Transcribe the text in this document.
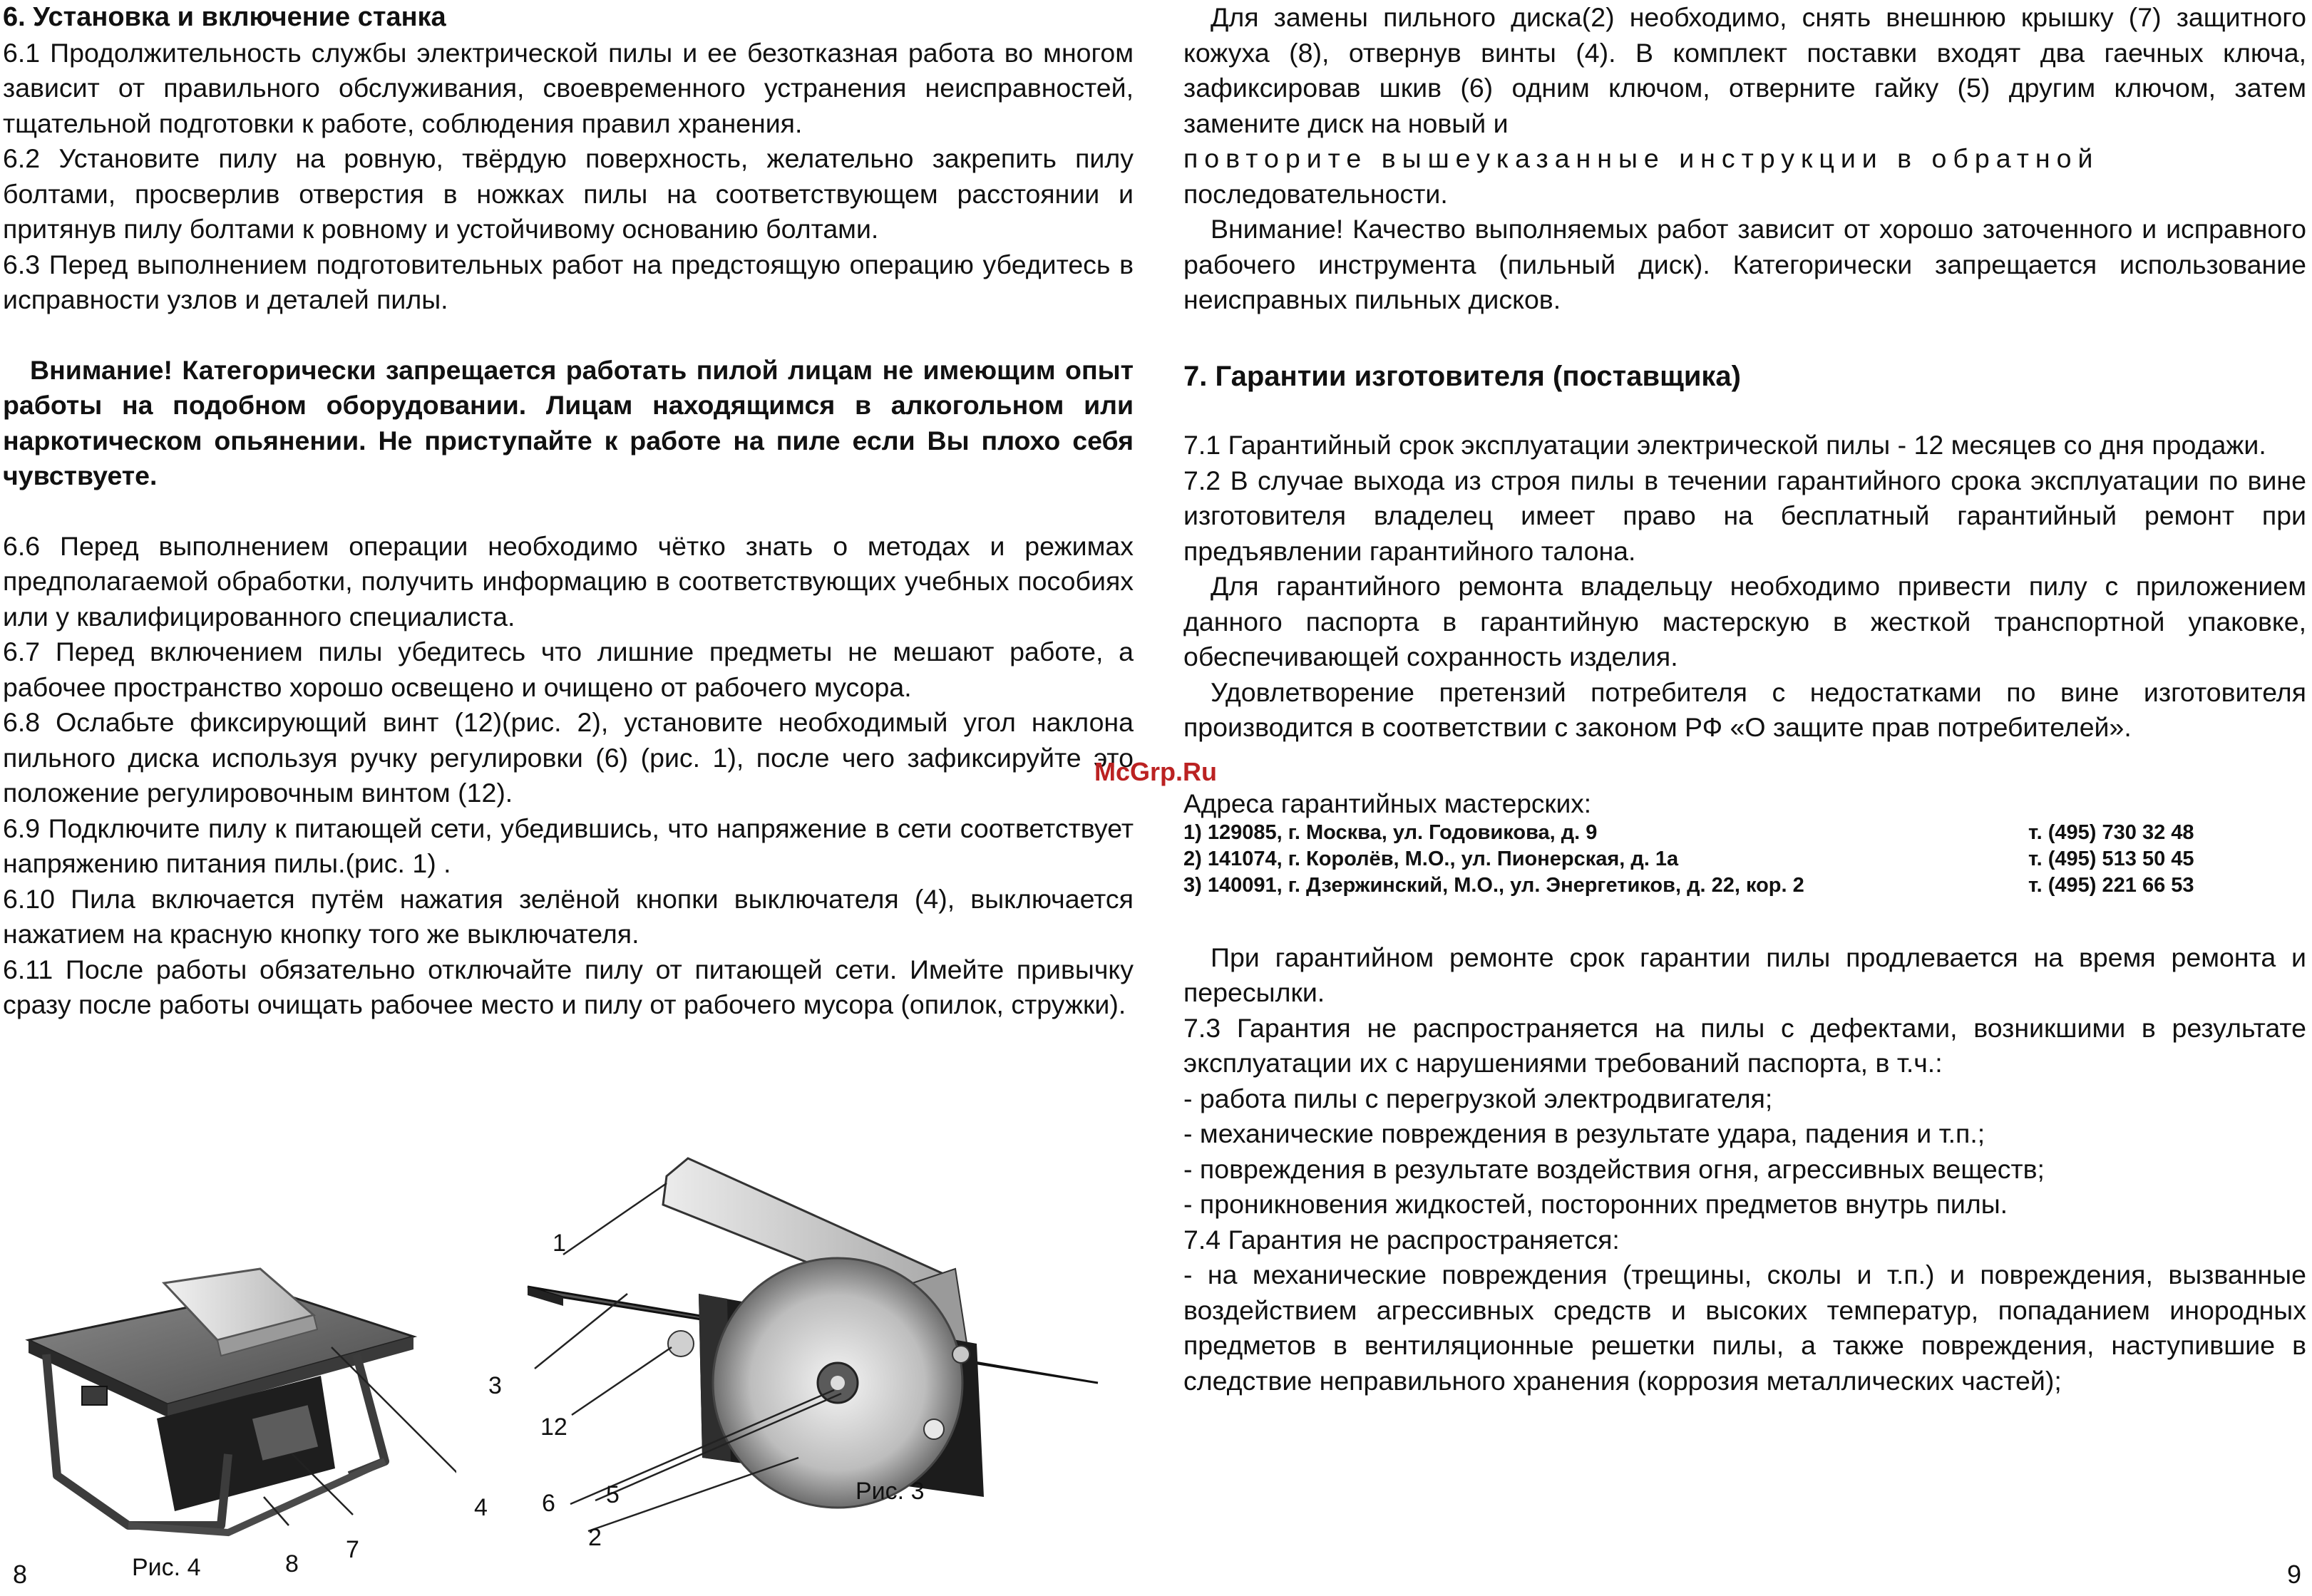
6. Установка и включение станка

6.1 Продолжительность службы электрической пилы и ее безотказная работа во многом зависит от правильного обслуживания, своевременного устранения неисправностей, тщательной подготовки к работе, соблюдения правил хранения.

6.2 Установите пилу на ровную, твёрдую поверхность, желательно закрепить пилу болтами, просверлив отверстия в ножках пилы на соответствующем расстоянии и притянув пилу болтами к ровному и устойчивому основанию болтами.

6.3 Перед выполнением подготовительных работ на предстоящую операцию убедитесь в исправности узлов и деталей пилы.

Внимание! Категорически запрещается работать пилой лицам не имеющим опыт работы на подобном оборудовании. Лицам находящимся в алкогольном или наркотическом опьянении. Не приступайте к работе на пиле если Вы плохо себя чувствуете.

6.6 Перед выполнением операции необходимо чётко знать о методах и режимах предполагаемой обработки, получить информацию в соответствующих учебных пособиях или у квалифицированного специалиста.

6.7 Перед включением пилы убедитесь что лишние предметы не мешают работе, а рабочее пространство хорошо освещено и очищено от рабочего мусора.

6.8 Ослабьте фиксирующий винт (12)(рис. 2), установите необходимый угол наклона пильного диска используя ручку регулировки (6) (рис. 1), после чего зафиксируйте это положение регулировочным винтом (12).

6.9 Подключите пилу к питающей сети, убедившись, что напряжение в сети соответствует напряжению питания пилы.(рис. 1) .

6.10 Пила включается путём нажатия зелёной кнопки выключателя (4), выключается нажатием на красную кнопку того же выключателя.

6.11 После работы обязательно отключайте пилу от питающей сети. Имейте привычку сразу после работы очищать рабочее место и пилу от рабочего мусора (опилок, стружки).

1
3
12
6 5
2
4
7
8
Рис. 4
Рис. 3
8
McGrp.Ru

Для замены пильного диска(2) необходимо, снять внешнюю крышку (7) защитного кожуха (8), отвернув винты (4). В комплект поставки входят два гаечных ключа, зафиксировав шкив (6) одним ключом, отверните гайку (5) другим ключом, затем замените диск на новый и

повторите вышеуказанные инструкции в обратной

последовательности.

Внимание! Качество выполняемых работ зависит от хорошо заточенного и исправного рабочего инструмента (пильный диск). Категорически запрещается использование неисправных пильных дисков.

7. Гарантии изготовителя (поставщика)

7.1 Гарантийный срок эксплуатации электрической пилы - 12 месяцев со дня продажи.

7.2 В случае выхода из строя пилы в течении гарантийного срока эксплуатации по вине изготовителя владелец имеет право на бесплатный гарантийный ремонт при предъявлении гарантийного талона.

Для гарантийного ремонта владельцу необходимо привести пилу с приложением данного паспорта в гарантийную мастерскую в жесткой транспортной упаковке, обеспечивающей сохранность изделия.

Удовлетворение претензий потребителя с недостатками по вине изготовителя производится в соответствии с законом РФ «О защите прав потребителей».

Адреса гарантийных мастерских:

1) 129085, г. Москва, ул. Годовикова, д. 9	т. (495) 730 32 48
2) 141074, г. Королёв, М.О., ул. Пионерская, д. 1а	т. (495) 513 50 45
3) 140091, г. Дзержинский, М.О., ул. Энергетиков, д. 22, кор. 2	т. (495) 221 66 53

При гарантийном ремонте срок гарантии пилы продлевается на время ремонта и пересылки.

7.3 Гарантия не распространяется на пилы с дефектами, возникшими в результате эксплуатации их с нарушениями требований паспорта, в т.ч.:

- работа пилы с перегрузкой электродвигателя;

- механические повреждения в результате удара, падения и т.п.;

- повреждения в результате воздействия огня, агрессивных веществ;

- проникновения жидкостей, посторонних предметов внутрь пилы.

7.4 Гарантия не распространяется:

- на механические повреждения (трещины, сколы и т.п.) и повреждения, вызванные воздействием агрессивных средств и высоких температур, попаданием инородных предметов в вентиляционные решетки пилы, а также повреждения, наступившие в следствие неправильного хранения (коррозия металлических частей);

9
